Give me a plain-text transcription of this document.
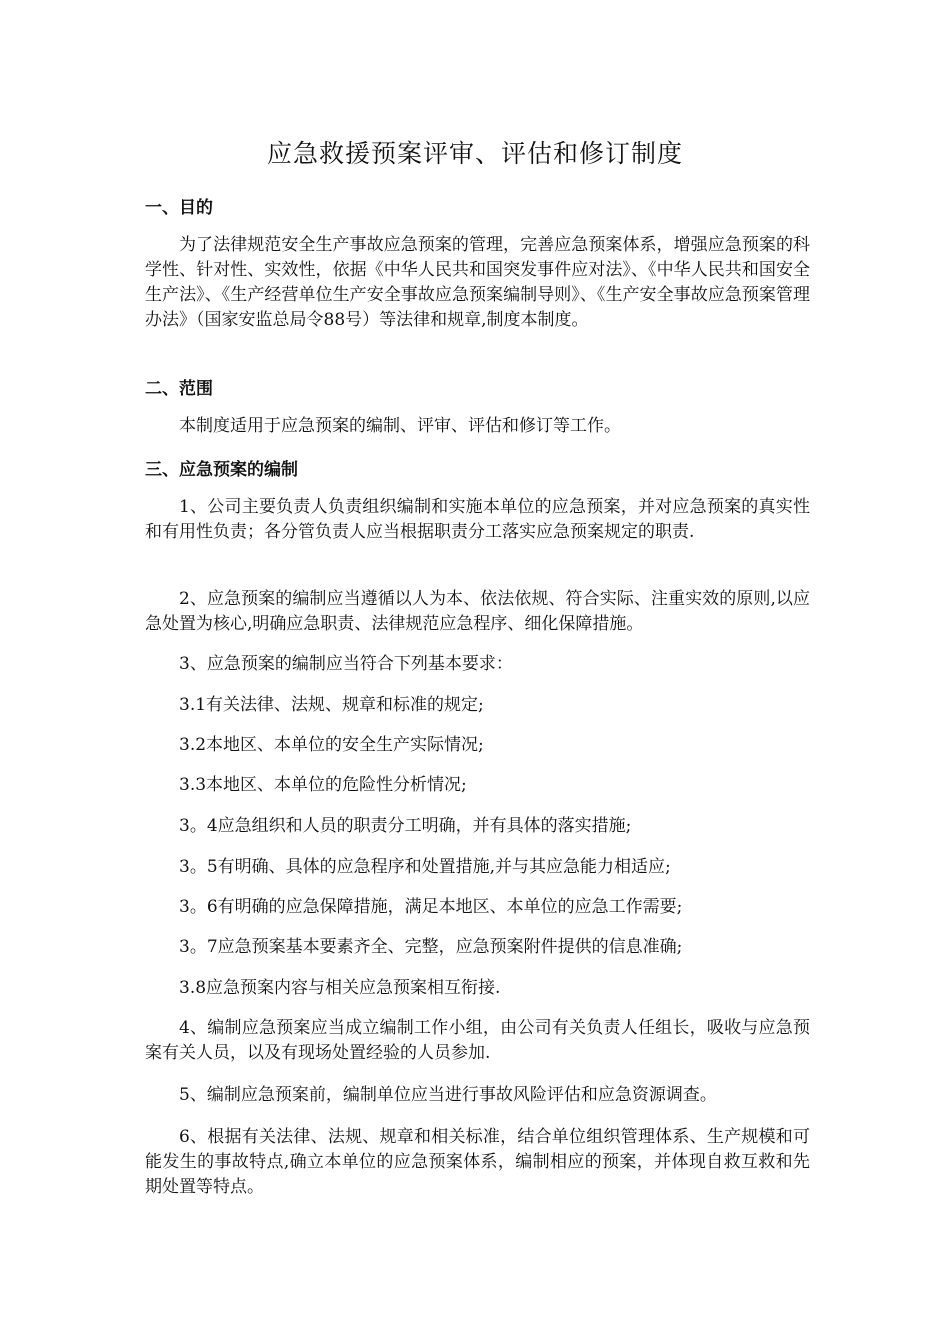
应急救援预案评审、评估和修订制度
一、目的

为了法律规范安全生产事故应急预案的管理，完善应急预案体系，增强应急预案的科学性、针对性、实效性，依据《中华人民共和国突发事件应对法》、《中华人民共和国安全生产法》、《生产经营单位生产安全事故应急预案编制导则》、《生产安全事故应急预案管理办法》（国家安监总局令88号）等法律和规章,制度本制度。

二、范围

本制度适用于应急预案的编制、评审、评估和修订等工作。

三、应急预案的编制

1、公司主要负责人负责组织编制和实施本单位的应急预案，并对应急预案的真实性和有用性负责；各分管负责人应当根据职责分工落实应急预案规定的职责.

2、应急预案的编制应当遵循以人为本、依法依规、符合实际、注重实效的原则,以应急处置为核心,明确应急职责、法律规范应急程序、细化保障措施。

3、应急预案的编制应当符合下列基本要求：

3.1有关法律、法规、规章和标准的规定;

3.2本地区、本单位的安全生产实际情况;

3.3本地区、本单位的危险性分析情况;

3。4应急组织和人员的职责分工明确，并有具体的落实措施;

3。5有明确、具体的应急程序和处置措施,并与其应急能力相适应;

3。6有明确的应急保障措施，满足本地区、本单位的应急工作需要;

3。7应急预案基本要素齐全、完整，应急预案附件提供的信息准确;

3.8应急预案内容与相关应急预案相互衔接.

4、编制应急预案应当成立编制工作小组，由公司有关负责人任组长，吸收与应急预案有关人员，以及有现场处置经验的人员参加.

5、编制应急预案前，编制单位应当进行事故风险评估和应急资源调查。

6、根据有关法律、法规、规章和相关标准，结合单位组织管理体系、生产规模和可能发生的事故特点,确立本单位的应急预案体系，编制相应的预案，并体现自救互救和先期处置等特点。
